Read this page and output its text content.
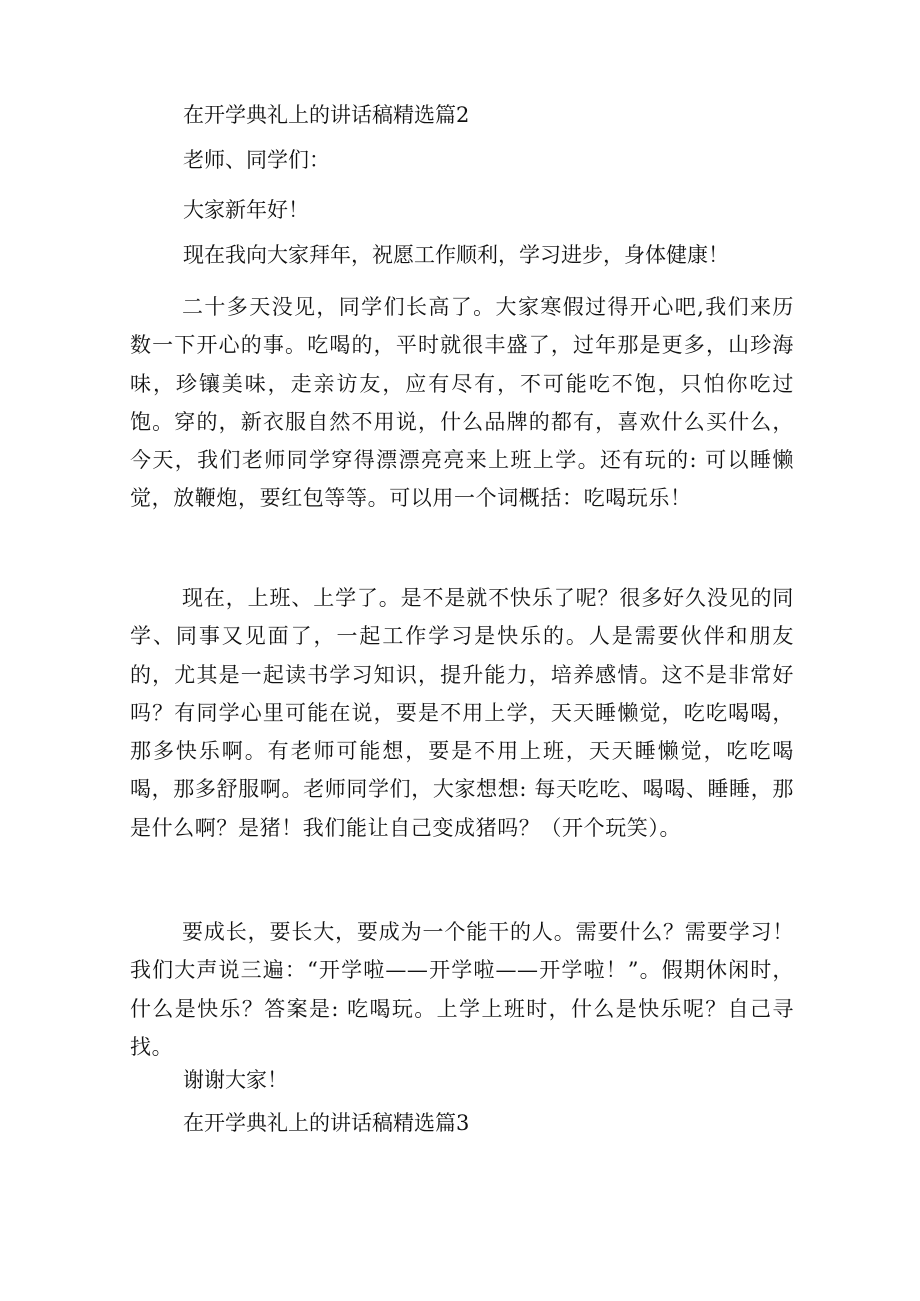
在开学典礼上的讲话稿精选篇2

老师、同学们：

大家新年好！

现在我向大家拜年，祝愿工作顺利，学习进步，身体健康！

二十多天没见，同学们长高了。大家寒假过得开心吧,我们来历数一下开心的事。吃喝的，平时就很丰盛了，过年那是更多，山珍海味，珍镶美味，走亲访友，应有尽有，不可能吃不饱，只怕你吃过饱。穿的，新衣服自然不用说，什么品牌的都有，喜欢什么买什么，今天，我们老师同学穿得漂漂亮亮来上班上学。还有玩的: 可以睡懒觉，放鞭炮，要红包等等。可以用一个词概括：吃喝玩乐！

现在，上班、上学了。是不是就不快乐了呢？很多好久没见的同学、同事又见面了，一起工作学习是快乐的。人是需要伙伴和朋友的，尤其是一起读书学习知识，提升能力，培养感情。这不是非常好吗？有同学心里可能在说，要是不用上学，天天睡懒觉，吃吃喝喝，那多快乐啊。有老师可能想，要是不用上班，天天睡懒觉，吃吃喝喝，那多舒服啊。老师同学们，大家想想: 每天吃吃、喝喝、睡睡，那是什么啊？是猪！我们能让自己变成猪吗？（开个玩笑）。

要成长，要长大，要成为一个能干的人。需要什么？需要学习！我们大声说三遍：“开学啦——开学啦——开学啦！”。假期休闲时，什么是快乐？答案是: 吃喝玩。上学上班时，什么是快乐呢？自己寻找。

谢谢大家！

在开学典礼上的讲话稿精选篇3
